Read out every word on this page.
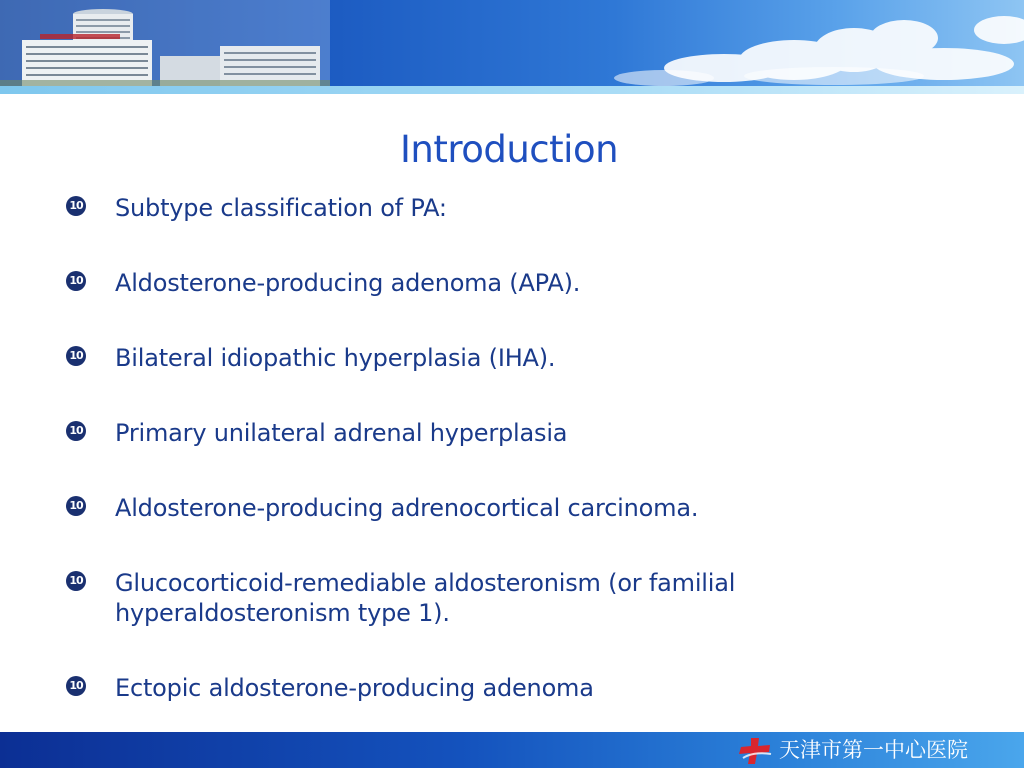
Introduction
10 Subtype classification of PA:
10 Aldosterone-producing adenoma (APA).
10 Bilateral idiopathic hyperplasia (IHA).
10 Primary unilateral adrenal hyperplasia
10 Aldosterone-producing adrenocortical carcinoma.
10 Glucocorticoid-remediable aldosteronism (or familial
hyperaldosteronism type 1).
10 Ectopic aldosterone-producing adenoma
天津市第一中心医院
